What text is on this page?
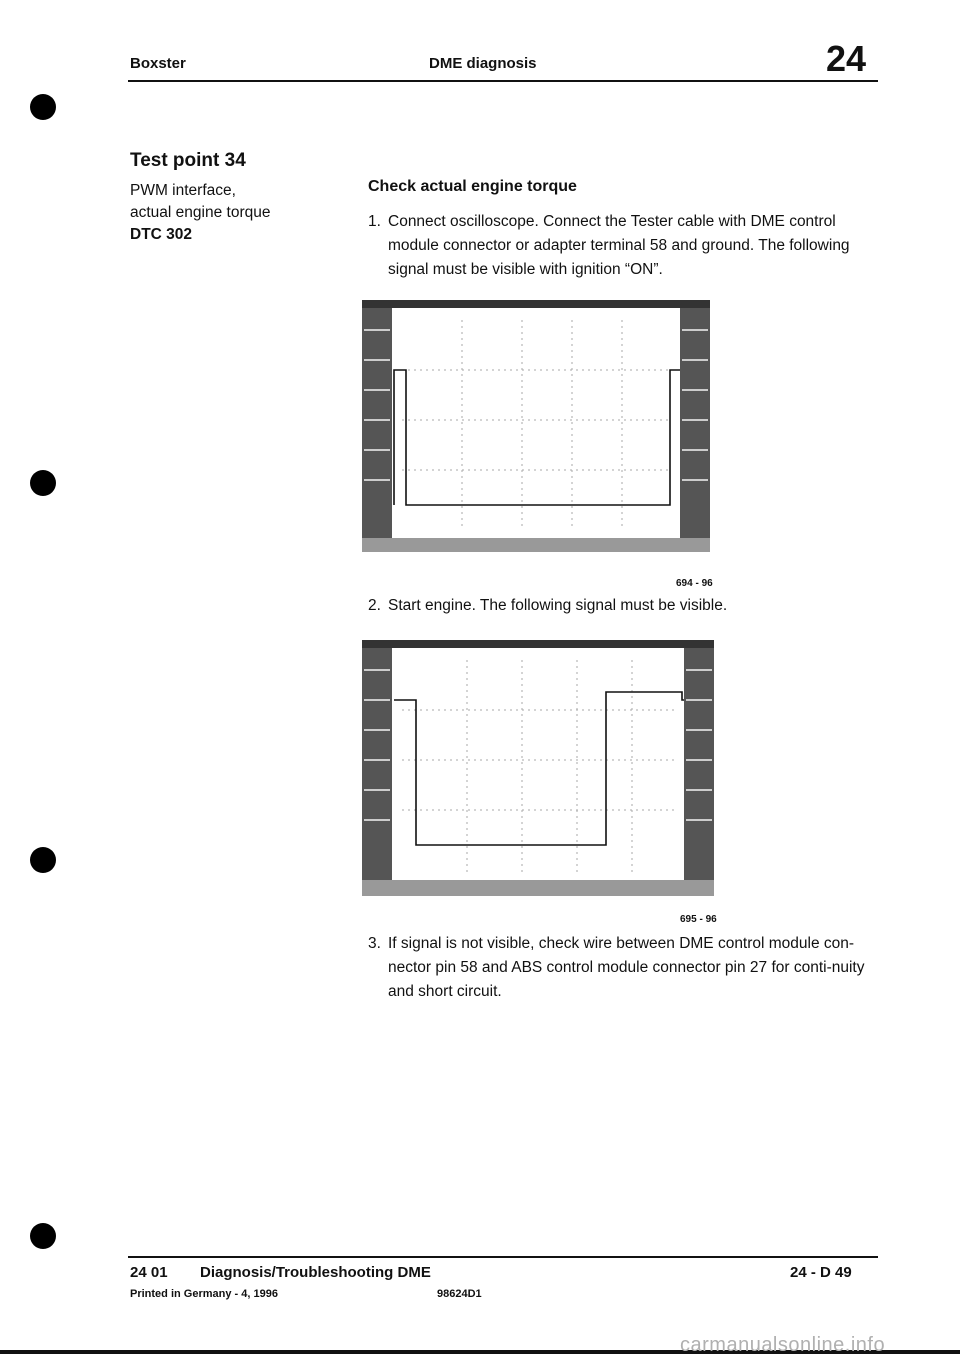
Boxster	DME diagnosis	24
Test point 34
PWM interface,
actual engine torque
DTC 302
Check actual engine torque
1. Connect oscilloscope. Connect the Tester cable with DME control module connector or adapter terminal 58 and ground. The following signal must be visible with ignition “ON”.
694 - 96
2. Start engine. The following signal must be visible.
695 - 96
3. If signal is not visible, check wire between DME control module con-nector pin 58 and ABS control module connector pin 27 for conti-nuity and short circuit.
24 01 Diagnosis/Troubleshooting DME	24 - D 49
Printed in Germany - 4, 1996	98624D1
carmanualsonline.info
